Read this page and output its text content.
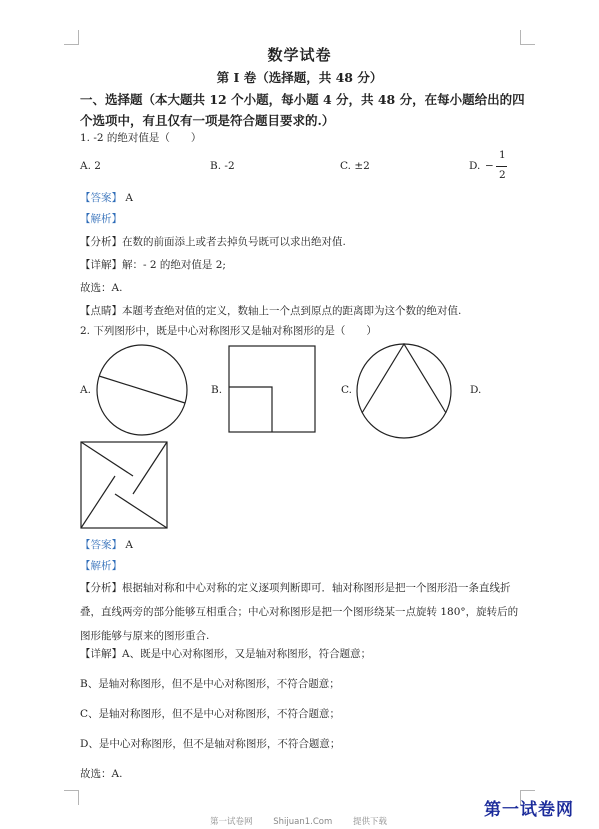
数学试卷
第 I 卷（选择题，共 48 分）
一、选择题（本大题共 12 个小题，每小题 4 分，共 48 分，在每小题给出的四个选项中，有且仅有一项是符合题目要求的.）
1. -2 的绝对值是（　　）
A. 2	B. -2	C. ±2	D. −
1
2
【答案】 A
【解析】
【分析】在数的前面添上或者去掉负号既可以求出绝对值.
【详解】解：- 2 的绝对值是 2;
故选：A.
【点睛】本题考查绝对值的定义，数轴上一个点到原点的距离即为这个数的绝对值.
2. 下列图形中，既是中心对称图形又是轴对称图形的是（　　）
A.	B.	C.	D.
【答案】 A
【解析】
【分析】根据轴对称和中心对称的定义逐项判断即可．轴对称图形是把一个图形沿一条直线折叠，直线两旁的部分能够互相重合；中心对称图形是把一个图形绕某一点旋转 180°，旋转后的图形能够与原来的图形重合.
【详解】A、既是中心对称图形，又是轴对称图形，符合题意；
B、是轴对称图形，但不是中心对称图形，不符合题意；
C、是轴对称图形，但不是中心对称图形，不符合题意；
D、是中心对称图形，但不是轴对称图形，不符合题意；
故选：A.
第一试卷网 Shijuan1.Com 提供下载
第一试卷网
